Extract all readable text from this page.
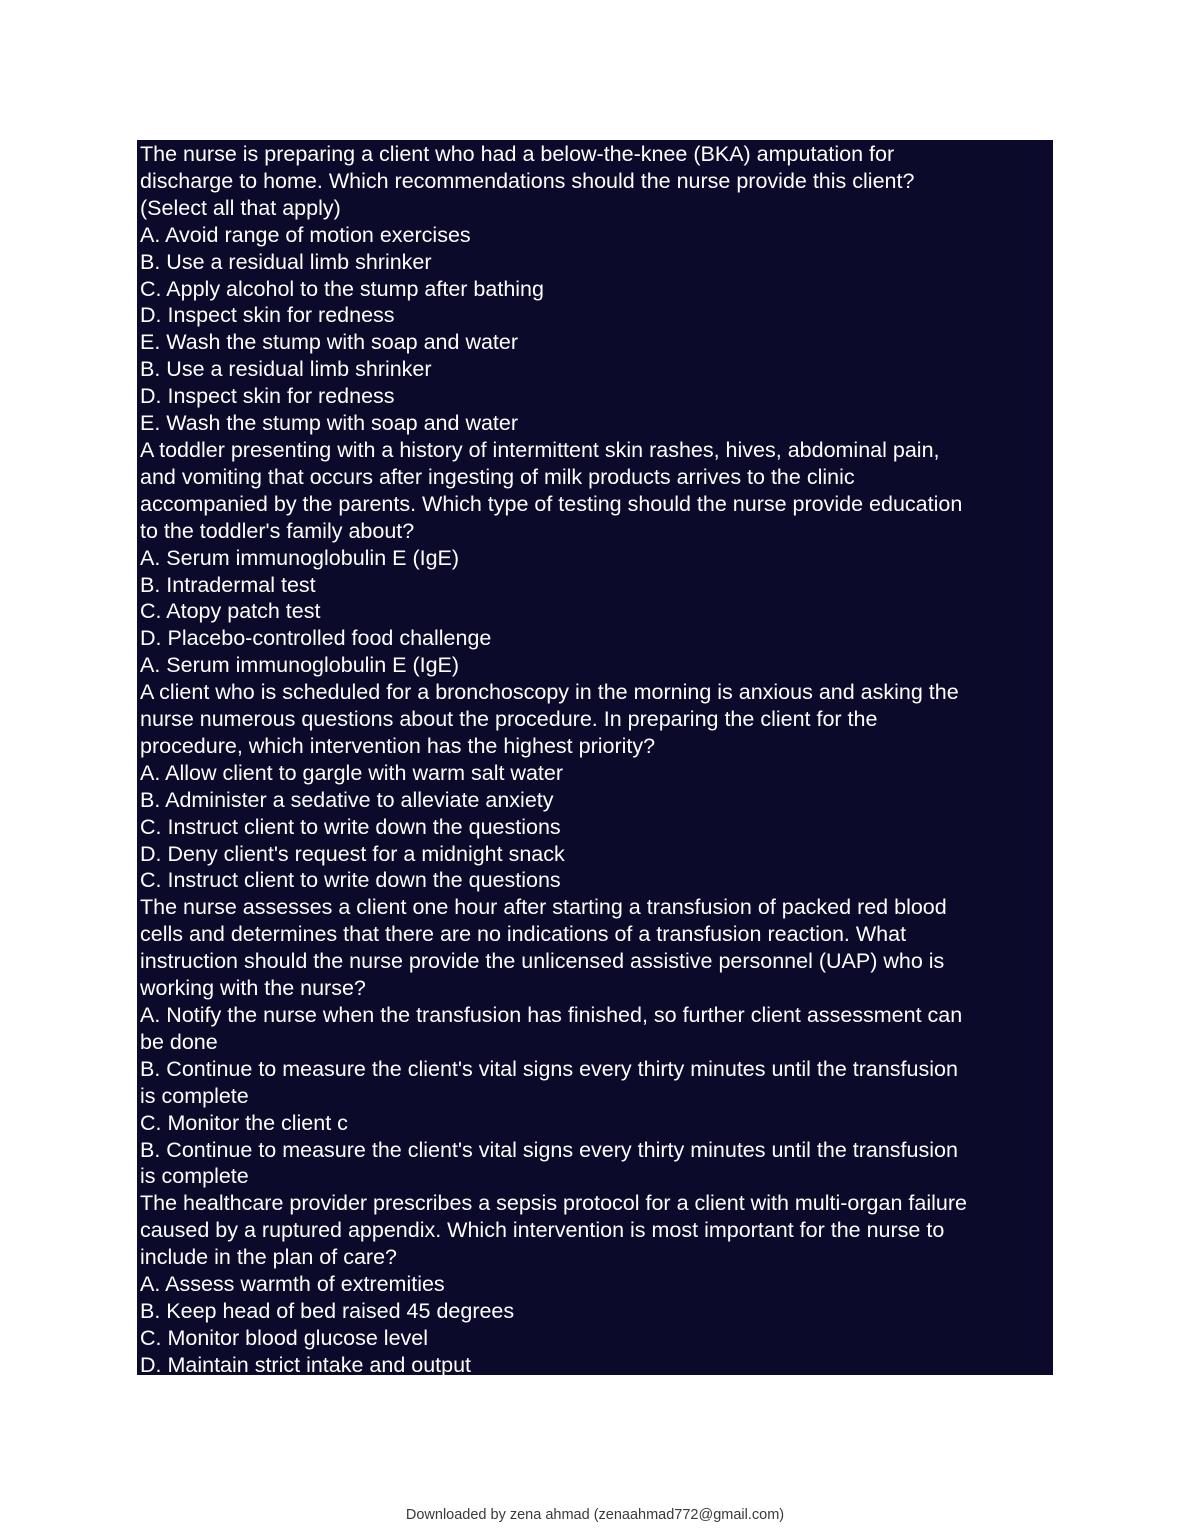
The nurse is preparing a client who had a below-the-knee (BKA) amputation for
discharge to home. Which recommendations should the nurse provide this client?
(Select all that apply)
A. Avoid range of motion exercises
B. Use a residual limb shrinker
C. Apply alcohol to the stump after bathing
D. Inspect skin for redness
E. Wash the stump with soap and water
B. Use a residual limb shrinker
D. Inspect skin for redness
E. Wash the stump with soap and water
A toddler presenting with a history of intermittent skin rashes, hives, abdominal pain,
and vomiting that occurs after ingesting of milk products arrives to the clinic
accompanied by the parents. Which type of testing should the nurse provide education
to the toddler's family about?
A. Serum immunoglobulin E (IgE)
B. Intradermal test
C. Atopy patch test
D. Placebo-controlled food challenge
A. Serum immunoglobulin E (IgE)
A client who is scheduled for a bronchoscopy in the morning is anxious and asking the
nurse numerous questions about the procedure. In preparing the client for the
procedure, which intervention has the highest priority?
A. Allow client to gargle with warm salt water
B. Administer a sedative to alleviate anxiety
C. Instruct client to write down the questions
D. Deny client's request for a midnight snack
C. Instruct client to write down the questions
The nurse assesses a client one hour after starting a transfusion of packed red blood
cells and determines that there are no indications of a transfusion reaction. What
instruction should the nurse provide the unlicensed assistive personnel (UAP) who is
working with the nurse?
A. Notify the nurse when the transfusion has finished, so further client assessment can
be done
B. Continue to measure the client's vital signs every thirty minutes until the transfusion
is complete
C. Monitor the client c
B. Continue to measure the client's vital signs every thirty minutes until the transfusion
is complete
The healthcare provider prescribes a sepsis protocol for a client with multi-organ failure
caused by a ruptured appendix. Which intervention is most important for the nurse to
include in the plan of care?
A. Assess warmth of extremities
B. Keep head of bed raised 45 degrees
C. Monitor blood glucose level
D. Maintain strict intake and output
Downloaded by zena ahmad (zenaahmad772@gmail.com)
